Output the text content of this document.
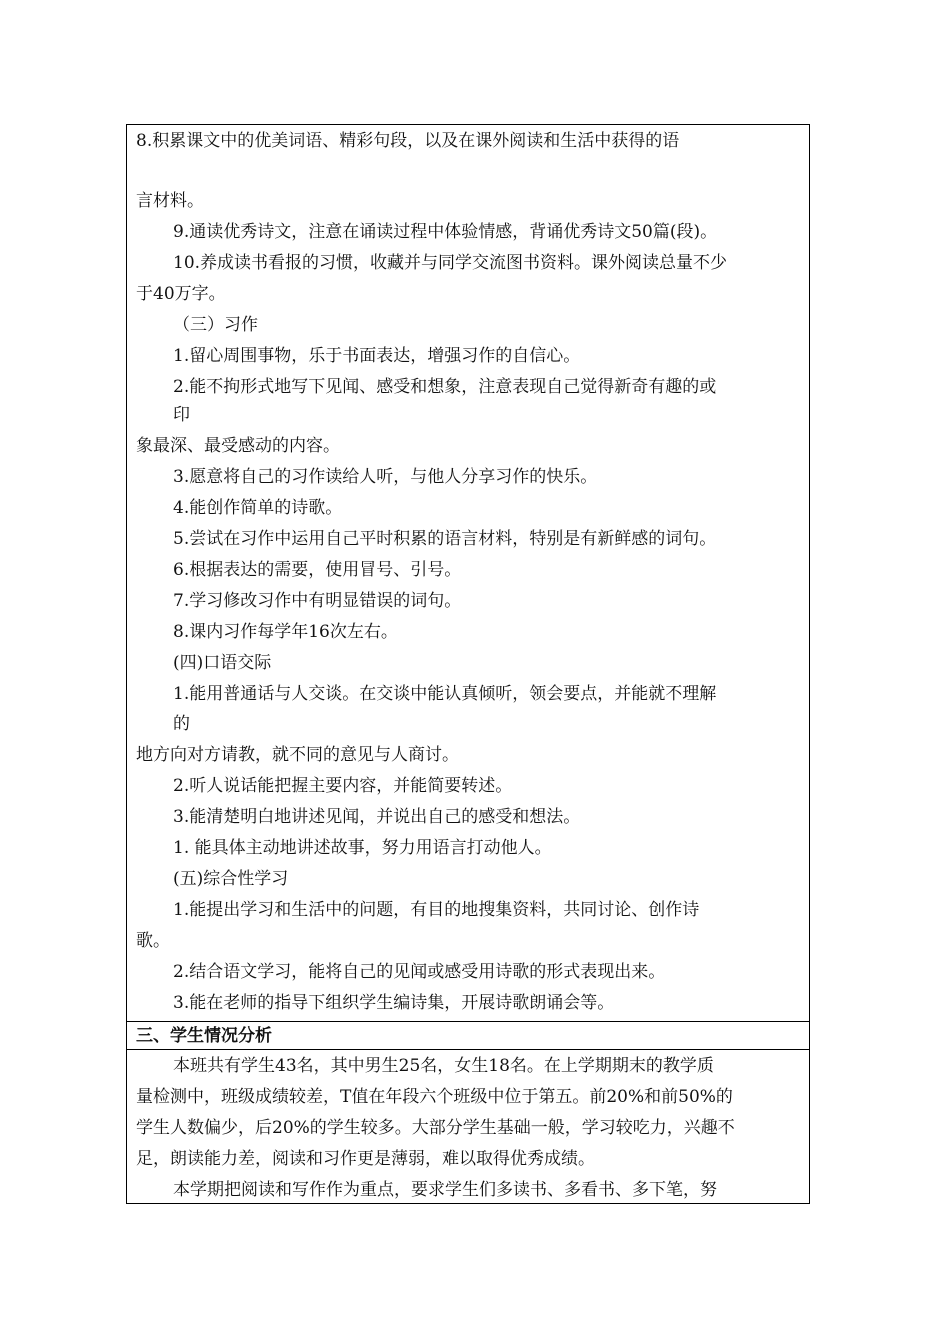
8.积累课文中的优美词语、精彩句段，以及在课外阅读和生活中获得的语
言材料。
9.通读优秀诗文，注意在诵读过程中体验情感，背诵优秀诗文50篇(段)。
10.养成读书看报的习惯，收藏并与同学交流图书资料。课外阅读总量不少
于40万字。
（三）习作
1.留心周围事物，乐于书面表达，增强习作的自信心。
2.能不拘形式地写下见闻、感受和想象，注意表现自己觉得新奇有趣的或
印
象最深、最受感动的内容。
3.愿意将自己的习作读给人听，与他人分享习作的快乐。
4.能创作简单的诗歌。
5.尝试在习作中运用自己平时积累的语言材料，特别是有新鲜感的词句。
6.根据表达的需要，使用冒号、引号。
7.学习修改习作中有明显错误的词句。
8.课内习作每学年16次左右。
(四)口语交际
1.能用普通话与人交谈。在交谈中能认真倾听，领会要点，并能就不理解
的
地方向对方请教，就不同的意见与人商讨。
2.听人说话能把握主要内容，并能简要转述。
3.能清楚明白地讲述见闻，并说出自己的感受和想法。
1. 能具体主动地讲述故事，努力用语言打动他人。
(五)综合性学习
1.能提出学习和生活中的问题，有目的地搜集资料，共同讨论、创作诗
歌。
2.结合语文学习，能将自己的见闻或感受用诗歌的形式表现出来。
3.能在老师的指导下组织学生编诗集，开展诗歌朗诵会等。
三、学生情况分析
本班共有学生43名，其中男生25名，女生18名。在上学期期末的教学质
量检测中，班级成绩较差，T值在年段六个班级中位于第五。前20%和前50%的
学生人数偏少，后20%的学生较多。大部分学生基础一般，学习较吃力，兴趣不
足，朗读能力差，阅读和习作更是薄弱，难以取得优秀成绩。
本学期把阅读和写作作为重点，要求学生们多读书、多看书、多下笔，努
